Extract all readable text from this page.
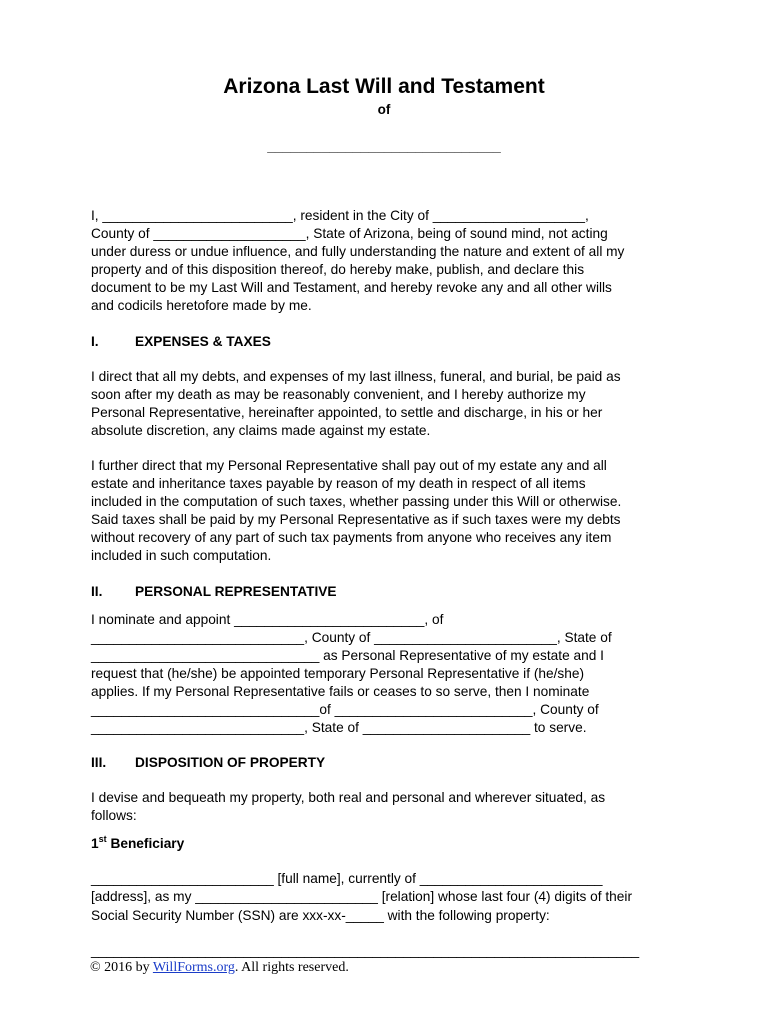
Arizona Last Will and Testament
of
______________________________
I, _________________________, resident in the City of ____________________,
County of ____________________, State of Arizona, being of sound mind, not acting
under duress or undue influence, and fully understanding the nature and extent of all my
property and of this disposition thereof, do hereby make, publish, and declare this
document to be my Last Will and Testament, and hereby revoke any and all other wills
and codicils heretofore made by me.
I.	EXPENSES & TAXES
I direct that all my debts, and expenses of my last illness, funeral, and burial, be paid as
soon after my death as may be reasonably convenient, and I hereby authorize my
Personal Representative, hereinafter appointed, to settle and discharge, in his or her
absolute discretion, any claims made against my estate.
I further direct that my Personal Representative shall pay out of my estate any and all
estate and inheritance taxes payable by reason of my death in respect of all items
included in the computation of such taxes, whether passing under this Will or otherwise.
Said taxes shall be paid by my Personal Representative as if such taxes were my debts
without recovery of any part of such tax payments from anyone who receives any item
included in such computation.
II. PERSONAL REPRESENTATIVE
I nominate and appoint _________________________, of
____________________________, County of ________________________, State of
______________________________ as Personal Representative of my estate and I
request that (he/she) be appointed temporary Personal Representative if (he/she)
applies. If my Personal Representative fails or ceases to so serve, then I nominate
______________________________of __________________________, County of
____________________________, State of ______________________ to serve.
III. DISPOSITION OF PROPERTY
I devise and bequeath my property, both real and personal and wherever situated, as
follows:
1st Beneficiary
________________________ [full name], currently of ________________________
[address], as my ________________________ [relation] whose last four (4) digits of their
Social Security Number (SSN) are xxx-xx-_____ with the following property:
________________________________________________________________________
© 2016 by WillForms.org. All rights reserved.
